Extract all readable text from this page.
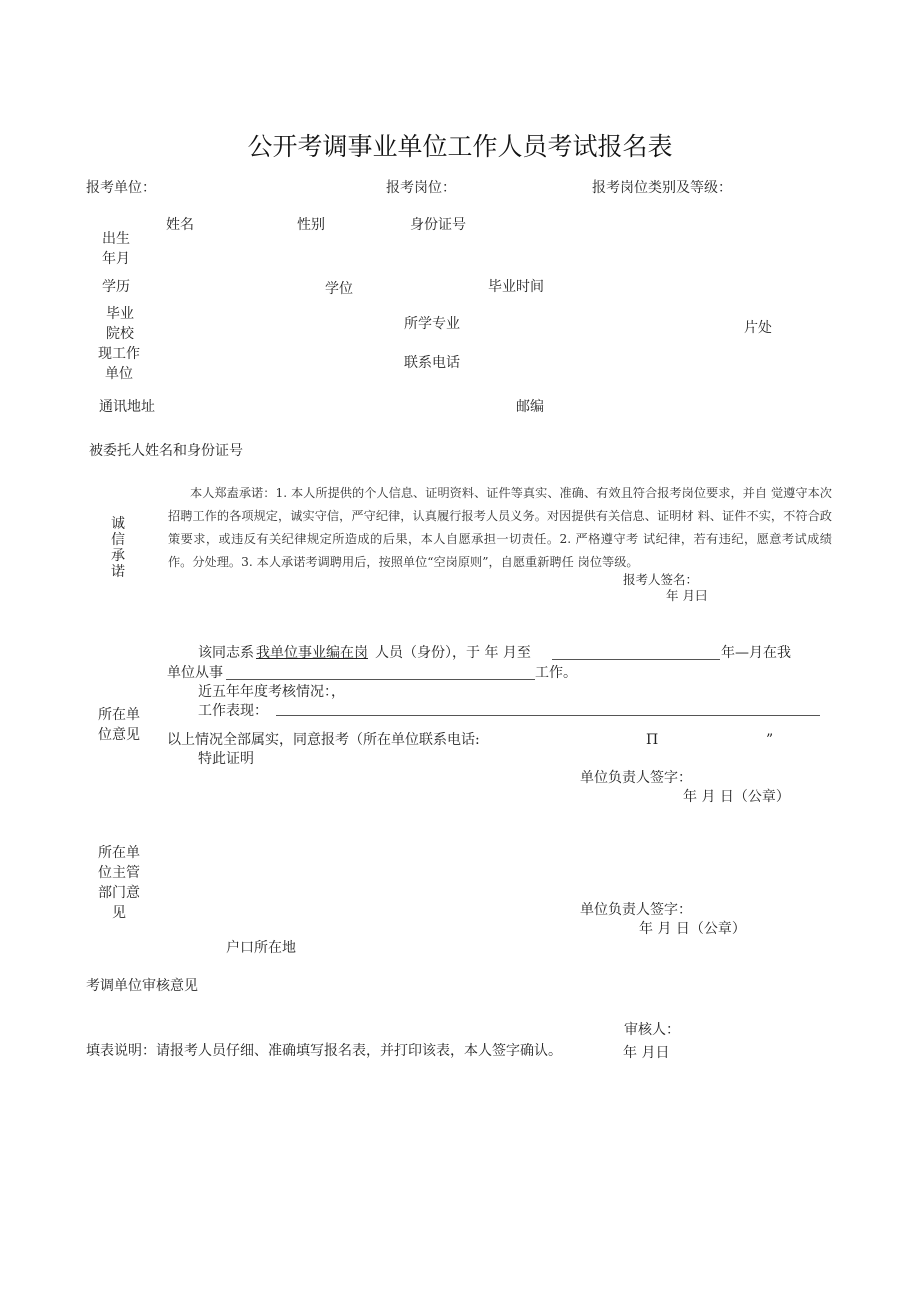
公开考调事业单位工作人员考试报名表
报考单位：	报考岗位：	报考岗位类别及等级：
姓名	性别	身份证号
出生
年月
学历	学位	毕业时间
毕业
院校
所学专业	片处
现工作
单位
联系电话
通讯地址	邮编
被委托人姓名和身份证号
诚
信
承
诺
本人郑盍承诺：1. 本人所提供的个人信息、证明资料、证件等真实、准确、有效且符合报考岗位要求，并自 觉遵守本次招聘工作的各项规定，诚实守信，严守纪律，认真履行报考人员义务。对因提供有关信息、证明材 料、证件不实，不符合政策要求，或违反有关纪律规定所造成的后果，本人自愿承担一切责任。2. 严格遵守考 试纪律，若有违纪，愿意考试成绩作。分处理。3. 本人承诺考调聘用后，按照单位“空岗原则”，自愿重新聘任 岗位等级。
报考人签名：
年 月曰
所在单
位意见
该同志系 我单位事业编在岗 人员（身份），于 年 月至	年—月在我
单位从事	工作。
近五年年度考核情况：，
工作表现：
以上情况全部属实，同意报考（所在单位联系电话:	Π	”
特此证明
单位负责人签字：
年 月 日（公章）
所在单
位主管
部门意
见	单位负责人签字：
年 月 日（公章）
户口所在地
考调单位审核意见
审核人：
年 月日
填表说明：请报考人员仔细、准确填写报名表，并打印该表，本人签字确认。
